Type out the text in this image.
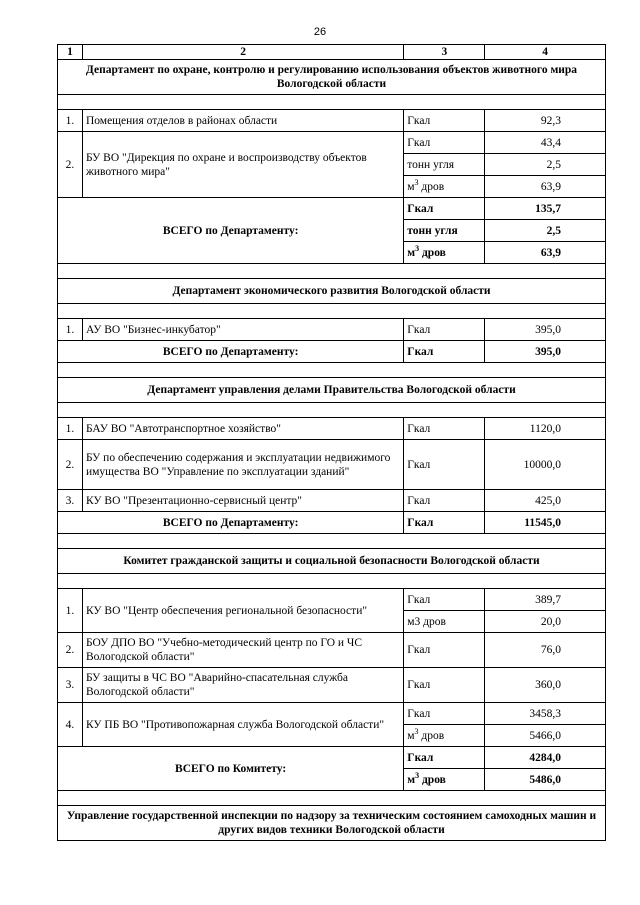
26
1	2	3	4
Департамент по охране, контролю и регулированию использования объектов животного мира Вологодской области			

1.	Помещения отделов в районах области	Гкал	92,3
2.	БУ ВО "Дирекция по охране и воспроизводству объектов животного мира"	Гкал	43,4
		тонн угля	2,5
		$м^3$ дров	63,9
ВСЕГО по Департаменту:		Гкал	135,7
		тонн угля	2,5
		$м^3$ дров	63,9

Департамент экономического развития Вологодской области			

1.	АУ ВО "Бизнес-инкубатор"	Гкал	395,0
ВСЕГО по Департаменту:		Гкал	395,0

Департамент управления делами Правительства Вологодской области			

1.	БАУ ВО "Автотранспортное хозяйство"	Гкал	1120,0
2.	БУ по обеспечению содержания и эксплуатации недвижимого имущества ВО "Управление по эксплуатации зданий"	Гкал	10000,0
3.	КУ ВО "Презентационно-сервисный центр"	Гкал	425,0
ВСЕГО по Департаменту:		Гкал	11545,0

Комитет гражданской защиты и социальной безопасности Вологодской области			

1.	КУ ВО "Центр обеспечения региональной безопасности"	Гкал	389,7
		м3 дров	20,0
2.	БОУ ДПО ВО "Учебно-методический центр по ГО и ЧС Вологодской области"	Гкал	76,0
3.	БУ защиты в ЧС ВО "Аварийно-спасательная служба Вологодской области"	Гкал	360,0
4.	КУ ПБ ВО "Противопожарная служба Вологодской области"	Гкал	3458,3
		$м^3$ дров	5466,0
ВСЕГО по Комитету:		Гкал	4284,0
		$м^3$ дров	5486,0

Управление государственной инспекции по надзору за техническим состоянием самоходных машин и других видов техники Вологодской области			
